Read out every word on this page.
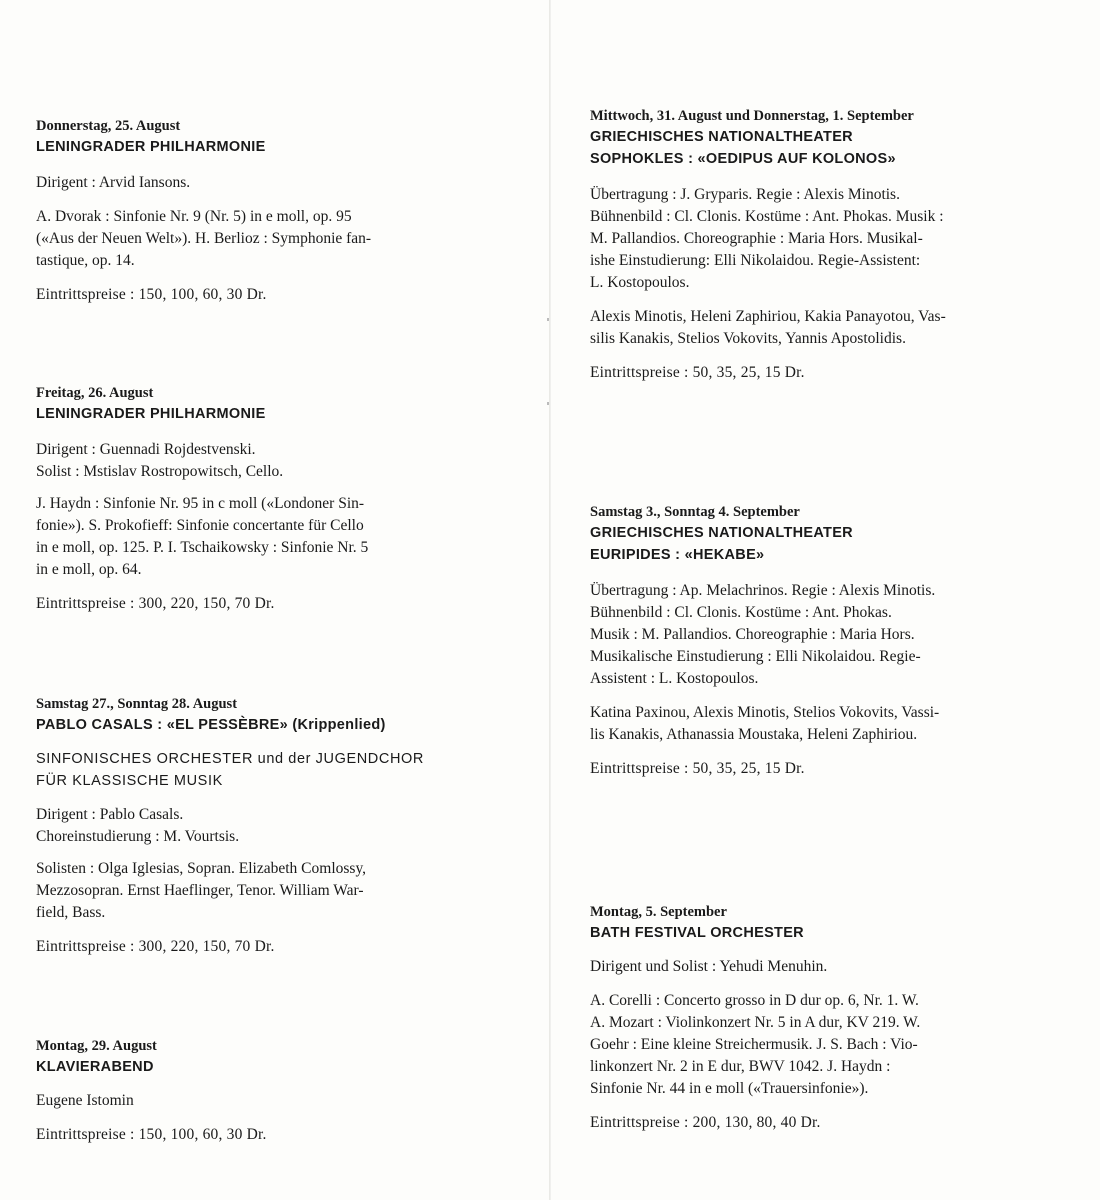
Donnerstag, 25. August
LENINGRADER PHILHARMONIE
Dirigent : Arvid Iansons.
A. Dvorak : Sinfonie Nr. 9 (Nr. 5) in e moll, op. 95
(«Aus der Neuen Welt»). H. Berlioz : Symphonie fan-
tastique, op. 14.
Eintrittspreise : 150, 100, 60, 30 Dr.
Freitag, 26. August
LENINGRADER PHILHARMONIE
Dirigent : Guennadi Rojdestvenski.
Solist : Mstislav Rostropowitsch, Cello.
J. Haydn : Sinfonie Nr. 95 in c moll («Londoner Sin-
fonie»). S. Prokofieff: Sinfonie concertante für Cello
in e moll, op. 125. P. I. Tschaikowsky : Sinfonie Nr. 5
in e moll, op. 64.
Eintrittspreise : 300, 220, 150, 70 Dr.
Samstag 27., Sonntag 28. August
PABLO CASALS : «EL PESSÈBRE» (Krippenlied)
SINFONISCHES ORCHESTER und der JUGENDCHOR
FÜR KLASSISCHE MUSIK
Dirigent : Pablo Casals.
Choreinstudierung : M. Vourtsis.
Solisten : Olga Iglesias, Sopran. Elizabeth Comlossy,
Mezzosopran. Ernst Haeflinger, Tenor. William War-
field, Bass.
Eintrittspreise : 300, 220, 150, 70 Dr.
Montag, 29. August
KLAVIERABEND
Eugene Istomin
Eintrittspreise : 150, 100, 60, 30 Dr.
Mittwoch, 31. August und Donnerstag, 1. September
GRIECHISCHES NATIONALTHEATER
SOPHOKLES : «OEDIPUS AUF KOLONOS»
Übertragung : J. Gryparis. Regie : Alexis Minotis.
Bühnenbild : Cl. Clonis. Kostüme : Ant. Phokas. Musik :
M. Pallandios. Choreographie : Maria Hors. Musikal-
ishe Einstudierung: Elli Nikolaidou. Regie-Assistent:
L. Kostopoulos.
Alexis Minotis, Heleni Zaphiriou, Kakia Panayotou, Vas-
silis Kanakis, Stelios Vokovits, Yannis Apostolidis.
Eintrittspreise : 50, 35, 25, 15 Dr.
Samstag 3., Sonntag 4. September
GRIECHISCHES NATIONALTHEATER
EURIPIDES : «HEKABE»
Übertragung : Ap. Melachrinos. Regie : Alexis Minotis.
Bühnenbild : Cl. Clonis. Kostüme : Ant. Phokas.
Musik : M. Pallandios. Choreographie : Maria Hors.
Musikalische Einstudierung : Elli Nikolaidou. Regie-
Assistent : L. Kostopoulos.
Katina Paxinou, Alexis Minotis, Stelios Vokovits, Vassi-
lis Kanakis, Athanassia Moustaka, Heleni Zaphiriou.
Eintrittspreise : 50, 35, 25, 15 Dr.
Montag, 5. September
BATH FESTIVAL ORCHESTER
Dirigent und Solist : Yehudi Menuhin.
A. Corelli : Concerto grosso in D dur op. 6, Nr. 1. W.
A. Mozart : Violinkonzert Nr. 5 in A dur, KV 219. W.
Goehr : Eine kleine Streichermusik. J. S. Bach : Vio-
linkonzert Nr. 2 in E dur, BWV 1042. J. Haydn :
Sinfonie Nr. 44 in e moll («Trauersinfonie»).
Eintrittspreise : 200, 130, 80, 40 Dr.
